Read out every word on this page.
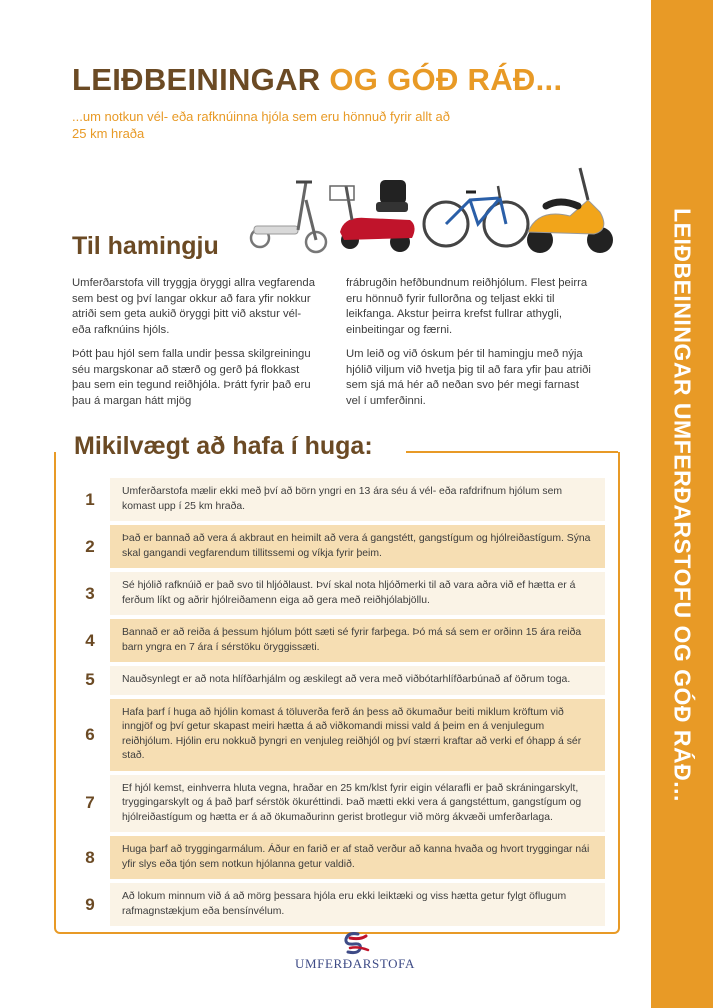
LEIÐBEININGAR UMFERÐARSTOFU OG GÓÐ RÁÐ...
LEIÐBEININGAR OG GÓÐ RÁÐ...

...um notkun vél- eða rafknúinna hjóla sem eru hönnuð fyrir allt að 25 km hraða

Til hamingju

Umferðarstofa vill tryggja öryggi allra vegfarenda sem best og því langar okkur að fara yfir nokkur atriði sem geta aukið öryggi þitt við akstur vél- eða rafknúins hjóls.

Þótt þau hjól sem falla undir þessa skilgreiningu séu margskonar að stærð og gerð þá flokkast þau sem ein tegund reiðhjóla. Þrátt fyrir það eru þau á margan hátt mjög

frábrugðin hefðbundnum reiðhjólum. Flest þeirra eru hönnuð fyrir fullorðna og teljast ekki til leikfanga. Akstur þeirra krefst fullrar athygli, einbeitingar og færni.

Um leið og við óskum þér til hamingju með nýja hjólið viljum við hvetja þig til að fara yfir þau atriði sem sjá má hér að neðan svo þér megi farnast vel í umferðinni.

Mikilvægt að hafa í huga:
1	Umferðarstofa mælir ekki með því að börn yngri en 13 ára séu á vél- eða rafdrifnum hjólum sem komast upp í 25 km hraða.
2	Það er bannað að vera á akbraut en heimilt að vera á gangstétt, gangstígum og hjólreiðastígum. Sýna skal gangandi vegfarendum tillitssemi og víkja fyrir þeim.
3	Sé hjólið rafknúið er það svo til hljóðlaust. Því skal nota hljóðmerki til að vara aðra við ef hætta er á ferðum líkt og aðrir hjólreiðamenn eiga að gera með reiðhjólabjöllu.
4	Bannað er að reiða á þessum hjólum þótt sæti sé fyrir farþega. Þó má sá sem er orðinn 15 ára reiða barn yngra en 7 ára í sérstöku öryggissæti.
5	Nauðsynlegt er að nota hlífðarhjálm og æskilegt að vera með viðbótarhlífðarbúnað af öðrum toga.
6
Hafa þarf í huga að hjólin komast á töluverða ferð án þess að ökumaður beiti miklum kröftum við inngjöf og því getur skapast meiri hætta á að viðkomandi missi vald á þeim en á venjulegum reiðhjólum. Hjólin eru nokkuð þyngri en venjuleg reiðhjól og því stærri kraftar að verki ef óhapp á sér stað.
7
Ef hjól kemst, einhverra hluta vegna, hraðar en 25 km/klst fyrir eigin vélarafli er það skráningarskylt, tryggingarskylt og á það þarf sérstök ökuréttindi. Það mætti ekki vera á gangstéttum, gangstígum og hjólreiðastígum og hætta er á að ökumaðurinn gerist brotlegur við mörg ákvæði umferðarlaga.
8	Huga þarf að tryggingarmálum. Áður en farið er af stað verður að kanna hvaða og hvort tryggingar nái yfir slys eða tjón sem notkun hjólanna getur valdið.
9	Að lokum minnum við á að mörg þessara hjóla eru ekki leiktæki og viss hætta getur fylgt öflugum rafmagnstækjum eða bensínvélum.
UMFERÐARSTOFA
